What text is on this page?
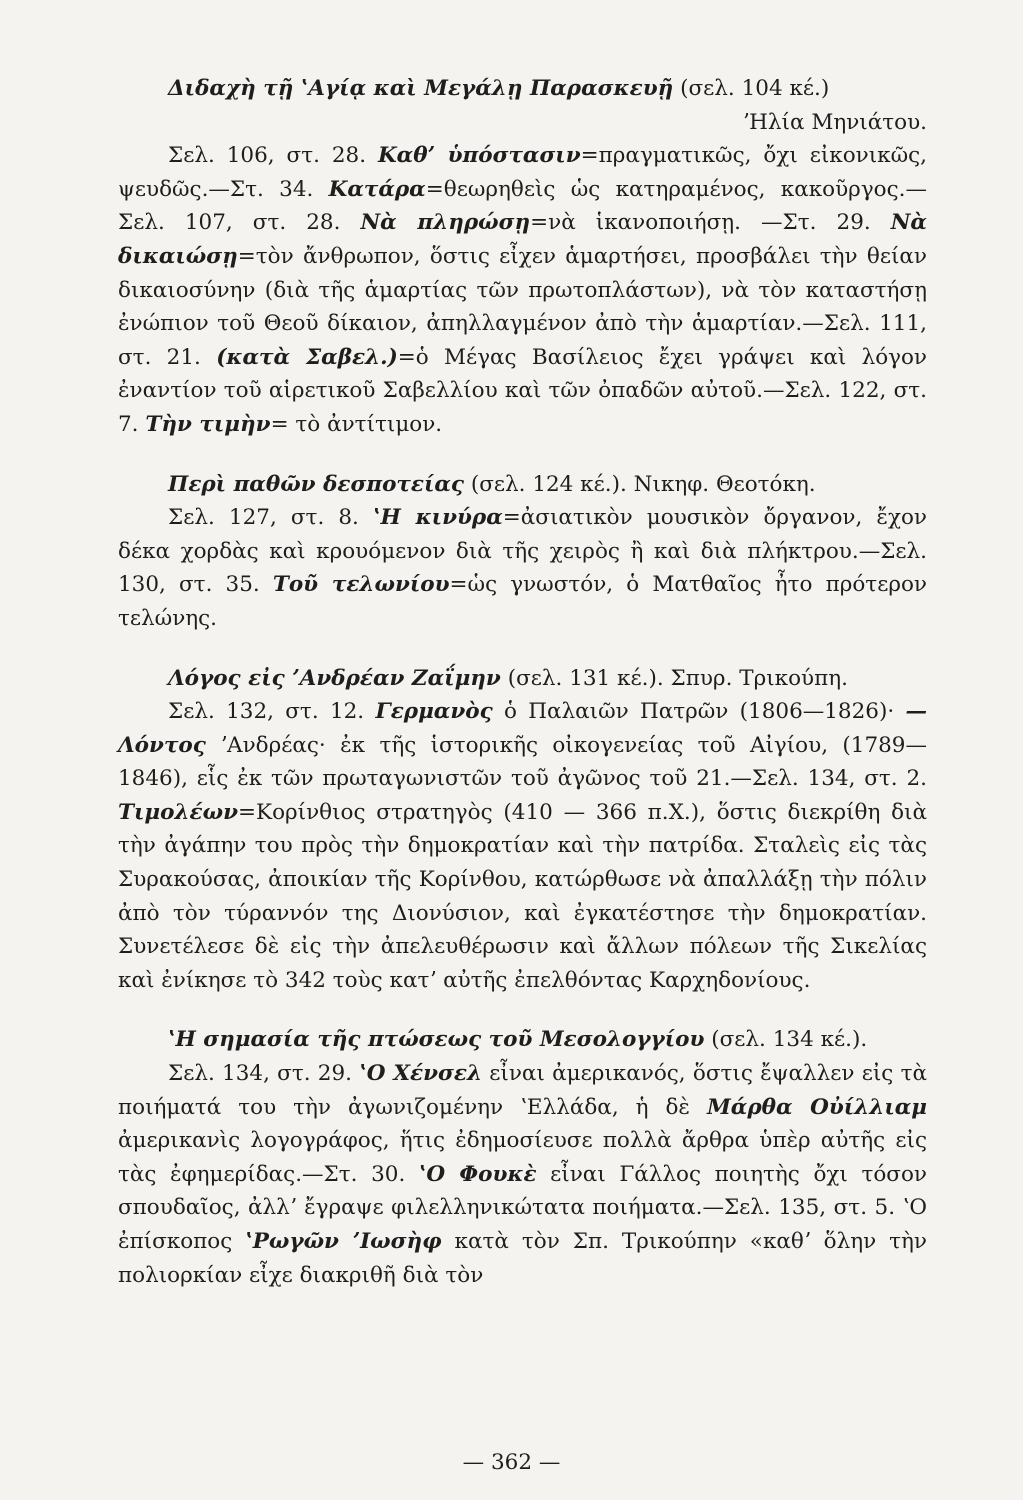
Διδαχὴ τῇ ʽΑγίᾳ καὶ Μεγάλῃ Παρασκευῇ (σελ. 104 κέ.)

ʼΗλία Μηνιάτου.

Σελ. 106, στ. 28. Καθʼ ὑπόστασιν=πραγματικῶς, ὄχι εἰκονικῶς, ψευδῶς.—Στ. 34. Κατάρα=θεωρηθεὶς ὡς κατηραμένος, κακοῦργος.—Σελ. 107, στ. 28. Νὰ πληρώσῃ=νὰ ἱκανοποιήσῃ. —Στ. 29. Νὰ δικαιώσῃ=τὸν ἄνθρωπον, ὅστις εἶχεν ἁμαρτήσει, προσβάλει τὴν θείαν δικαιοσύνην (διὰ τῆς ἁμαρτίας τῶν πρωτοπλάστων), νὰ τὸν καταστήσῃ ἐνώπιον τοῦ Θεοῦ δίκαιον, ἀπηλλαγμένον ἀπὸ τὴν ἁμαρτίαν.—Σελ. 111, στ. 21. (κατὰ Σαβελ.)=ὁ Μέγας Βασίλειος ἔχει γράψει καὶ λόγον ἐναντίον τοῦ αἱρετικοῦ Σαβελλίου καὶ τῶν ὀπαδῶν αὐτοῦ.—Σελ. 122, στ. 7. Τὴν τιμὴν= τὸ ἀντίτιμον.

Περὶ παθῶν δεσποτείας (σελ. 124 κέ.). Νικηφ. Θεοτόκη.

Σελ. 127, στ. 8. ʽΗ κινύρα=ἀσιατικὸν μουσικὸν ὄργανον, ἔχον δέκα χορδὰς καὶ κρουόμενον διὰ τῆς χειρὸς ἢ καὶ διὰ πλήκτρου.—Σελ. 130, στ. 35. Τοῦ τελωνίου=ὡς γνωστόν, ὁ Ματθαῖος ἦτο πρότερον τελώνης.

Λόγος εἰς ʼΑνδρέαν Ζαΐμην (σελ. 131 κέ.). Σπυρ. Τρικούπη.

Σελ. 132, στ. 12. Γερμανὸς ὁ Παλαιῶν Πατρῶν (1806—1826)· —Λόντος ʼΑνδρέας· ἐκ τῆς ἱστορικῆς οἰκογενείας τοῦ Αἰγίου, (1789—1846), εἷς ἐκ τῶν πρωταγωνιστῶν τοῦ ἀγῶνος τοῦ 21.—Σελ. 134, στ. 2. Τιμολέων=Κορίνθιος στρατηγὸς (410 — 366 π.Χ.), ὅστις διεκρίθη διὰ τὴν ἀγάπην του πρὸς τὴν δημοκρατίαν καὶ τὴν πατρίδα. Σταλεὶς εἰς τὰς Συρακούσας, ἀποικίαν τῆς Κορίνθου, κατώρθωσε νὰ ἀπαλλάξῃ τὴν πόλιν ἀπὸ τὸν τύραννόν της Διονύσιον, καὶ ἐγκατέστησε τὴν δημοκρατίαν. Συνετέλεσε δὲ εἰς τὴν ἀπελευθέρωσιν καὶ ἄλλων πόλεων τῆς Σικελίας καὶ ἐνίκησε τὸ 342 τοὺς κατʼ αὐτῆς ἐπελθόντας Καρχηδονίους.

ʽΗ σημασία τῆς πτώσεως τοῦ Μεσολογγίου (σελ. 134 κέ.).

Σελ. 134, στ. 29. ʽΟ Χένσελ εἶναι ἀμερικανός, ὅστις ἔψαλλεν εἰς τὰ ποιήματά του τὴν ἀγωνιζομένην ʽΕλλάδα, ἡ δὲ Μάρθα Οὐίλλιαμ ἀμερικανὶς λογογράφος, ἥτις ἐδημοσίευσε πολλὰ ἄρθρα ὑπὲρ αὐτῆς εἰς τὰς ἐφημερίδας.—Στ. 30. ʽΟ Φουκὲ εἶναι Γάλλος ποιητὴς ὄχι τόσον σπουδαῖος, ἀλλʼ ἔγραψε φιλελληνικώτατα ποιήματα.—Σελ. 135, στ. 5. ʽΟ ἐπίσκοπος ʽΡωγῶν ʼΙωσὴφ κατὰ τὸν Σπ. Τρικούπην «καθʼ ὅλην τὴν πολιορκίαν εἶχε διακριθῆ διὰ τὸν

— 362 —
